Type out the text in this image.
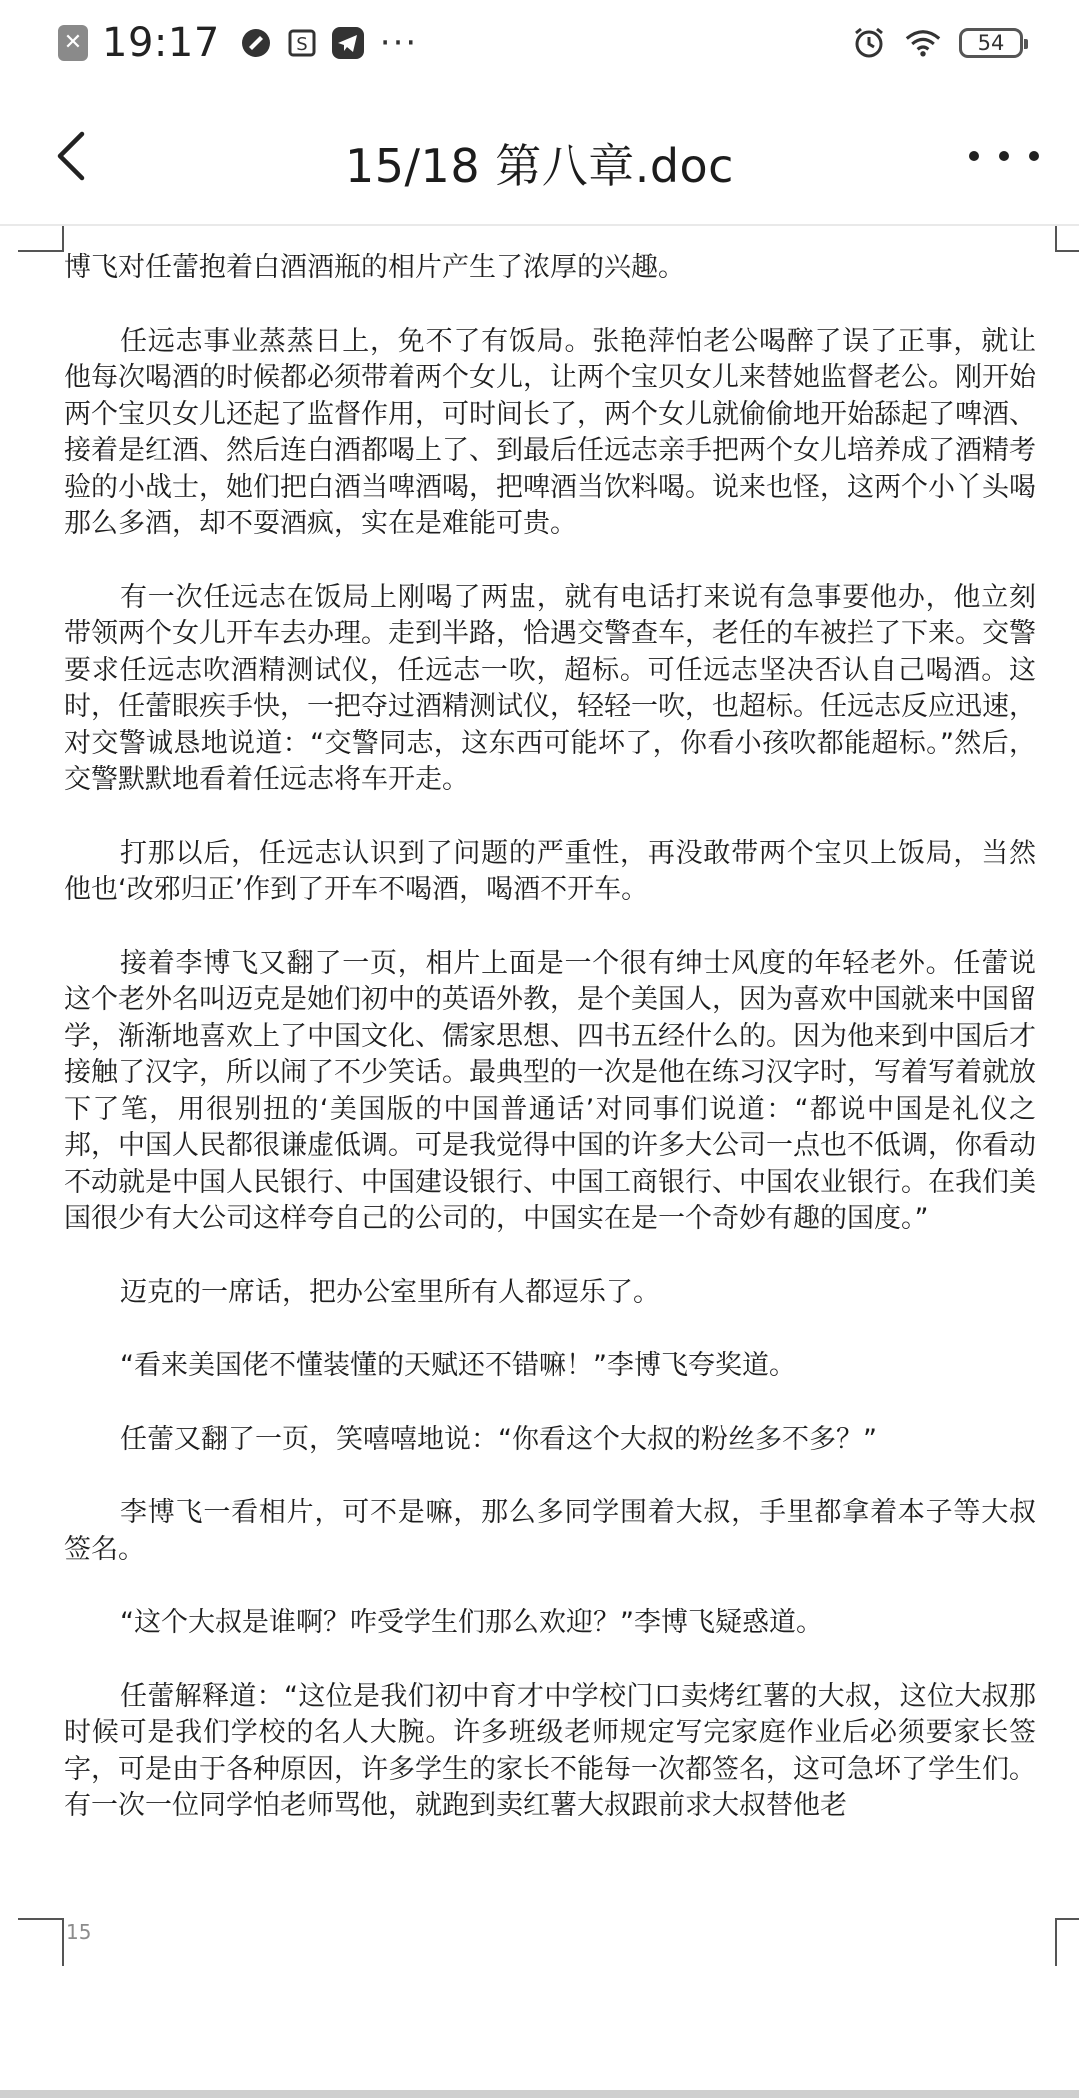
✕ 19:17	S ···	54
15/18 第八章.doc

博飞对任蕾抱着白酒酒瓶的相片产生了浓厚的兴趣。

任远志事业蒸蒸日上，免不了有饭局。张艳萍怕老公喝醉了误了正事，就让他每次喝酒的时候都必须带着两个女儿，让两个宝贝女儿来替她监督老公。刚开始两个宝贝女儿还起了监督作用，可时间长了，两个女儿就偷偷地开始舔起了啤酒、接着是红酒、然后连白酒都喝上了、到最后任远志亲手把两个女儿培养成了酒精考验的小战士，她们把白酒当啤酒喝，把啤酒当饮料喝。说来也怪，这两个小丫头喝那么多酒，却不耍酒疯，实在是难能可贵。

有一次任远志在饭局上刚喝了两盅，就有电话打来说有急事要他办，他立刻带领两个女儿开车去办理。走到半路，恰遇交警查车，老任的车被拦了下来。交警要求任远志吹酒精测试仪，任远志一吹，超标。可任远志坚决否认自己喝酒。这时，任蕾眼疾手快，一把夺过酒精测试仪，轻轻一吹，也超标。任远志反应迅速，对交警诚恳地说道：“交警同志，这东西可能坏了，你看小孩吹都能超标。”然后，交警默默地看着任远志将车开走。

打那以后，任远志认识到了问题的严重性，再没敢带两个宝贝上饭局，当然他也‘改邪归正’作到了开车不喝酒，喝酒不开车。

接着李博飞又翻了一页，相片上面是一个很有绅士风度的年轻老外。任蕾说这个老外名叫迈克是她们初中的英语外教，是个美国人，因为喜欢中国就来中国留学，渐渐地喜欢上了中国文化、儒家思想、四书五经什么的。因为他来到中国后才接触了汉字，所以闹了不少笑话。最典型的一次是他在练习汉字时，写着写着就放下了笔，用很别扭的‘美国版的中国普通话’对同事们说道：“都说中国是礼仪之邦，中国人民都很谦虚低调。可是我觉得中国的许多大公司一点也不低调，你看动不动就是中国人民银行、中国建设银行、中国工商银行、中国农业银行。在我们美国很少有大公司这样夸自己的公司的，中国实在是一个奇妙有趣的国度。”

迈克的一席话，把办公室里所有人都逗乐了。

“看来美国佬不懂装懂的天赋还不错嘛！”李博飞夸奖道。

任蕾又翻了一页，笑嘻嘻地说：“你看这个大叔的粉丝多不多？”

李博飞一看相片，可不是嘛，那么多同学围着大叔，手里都拿着本子等大叔签名。

“这个大叔是谁啊？咋受学生们那么欢迎？”李博飞疑惑道。

任蕾解释道：“这位是我们初中育才中学校门口卖烤红薯的大叔，这位大叔那时候可是我们学校的名人大腕。许多班级老师规定写完家庭作业后必须要家长签字，可是由于各种原因，许多学生的家长不能每一次都签名，这可急坏了学生们。有一次一位同学怕老师骂他，就跑到卖红薯大叔跟前求大叔替他老

15
